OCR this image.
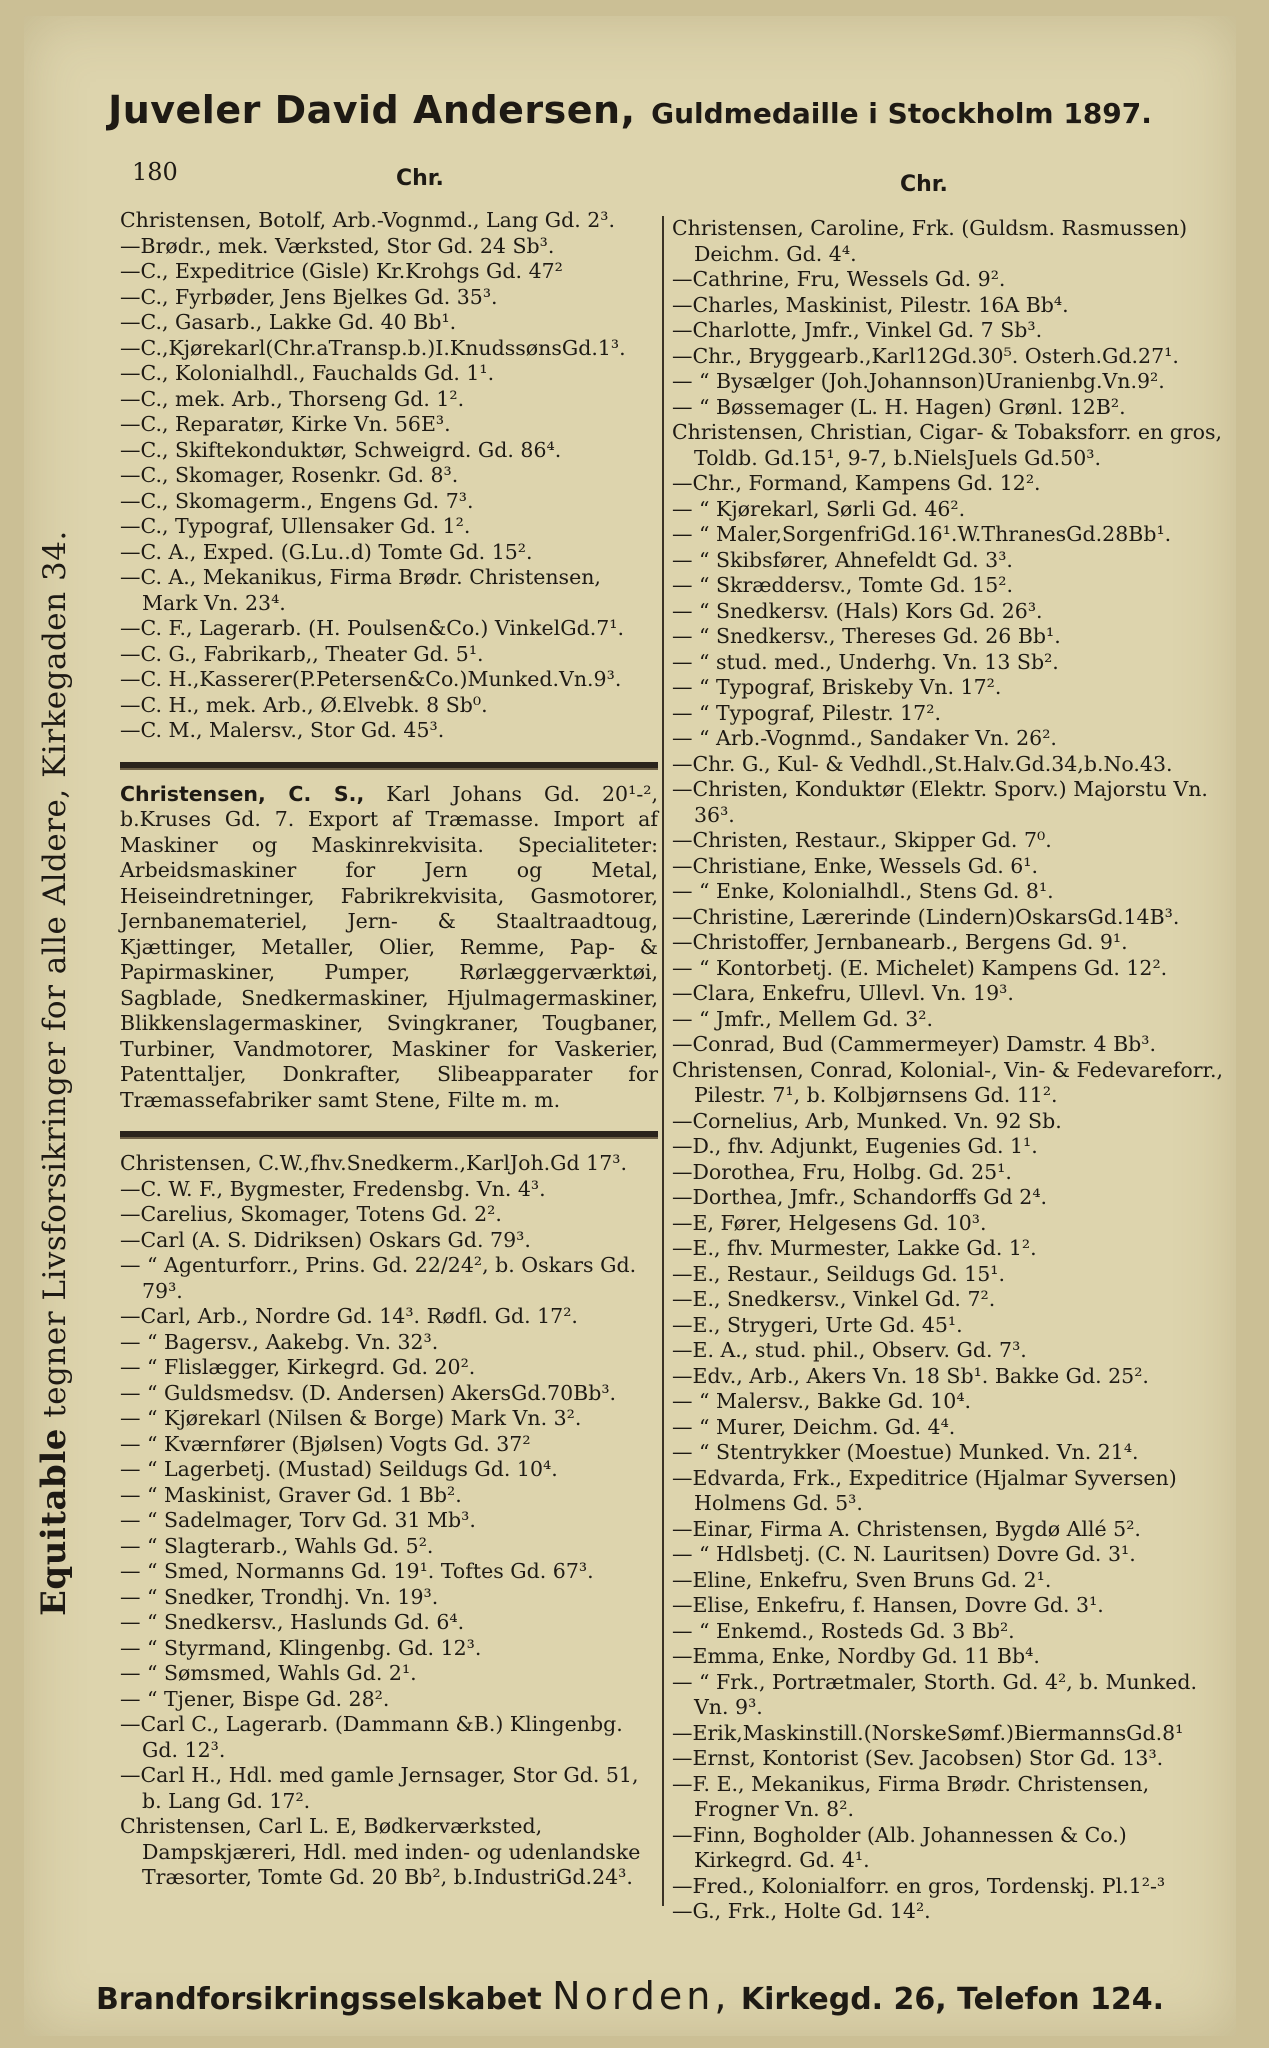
Juveler David Andersen, Guldmedaille i Stockholm 1897.
180	Chr.	Chr.
Equitable tegner Livsforsikringer for alle Aldere, Kirkegaden 34.

Christensen, Botolf, Arb.-Vognmd., Lang Gd. 2³.

—Brødr., mek. Værksted, Stor Gd. 24 Sb³.

—C., Expeditrice (Gisle) Kr.Krohgs Gd. 47²

—C., Fyrbøder, Jens Bjelkes Gd. 35³.

—C., Gasarb., Lakke Gd. 40 Bb¹.

—C.,Kjørekarl(Chr.aTransp.b.)I.KnudssønsGd.1³.

—C., Kolonialhdl., Fauchalds Gd. 1¹.

—C., mek. Arb., Thorseng Gd. 1².

—C., Reparatør, Kirke Vn. 56E³.

—C., Skiftekonduktør, Schweigrd. Gd. 86⁴.

—C., Skomager, Rosenkr. Gd. 8³.

—C., Skomagerm., Engens Gd. 7³.

—C., Typograf, Ullensaker Gd. 1².

—C. A., Exped. (G.Lu..d) Tomte Gd. 15².

—C. A., Mekanikus, Firma Brødr. Christensen, Mark Vn. 23⁴.

—C. F., Lagerarb. (H. Poulsen&Co.) VinkelGd.7¹.

—C. G., Fabrikarb,, Theater Gd. 5¹.

—C. H.,Kasserer(P.Petersen&Co.)Munked.Vn.9³.

—C. H., mek. Arb., Ø.Elvebk. 8 Sb⁰.

—C. M., Malersv., Stor Gd. 45³.

Christensen, C. S., Karl Johans Gd. 20¹-², b.Kruses Gd. 7. Export af Træmasse. Import af Maskiner og Maskinrekvisita. Specialiteter: Arbeidsmaskiner for Jern og Metal, Heiseindretninger, Fabrikrekvisita, Gasmotorer, Jernbanemateriel, Jern- & Staaltraadtoug, Kjættinger, Metaller, Olier, Remme, Pap- & Papirmaskiner, Pumper, Rørlæggerværktøi, Sagblade, Snedkermaskiner, Hjulmagermaskiner, Blikkenslagermaskiner, Svingkraner, Tougbaner, Turbiner, Vandmotorer, Maskiner for Vaskerier, Patenttaljer, Donkrafter, Slibeapparater for Træmassefabriker samt Stene, Filte m. m.

Christensen, C.W.,fhv.Snedkerm.,KarlJoh.Gd 17³.

—C. W. F., Bygmester, Fredensbg. Vn. 4³.

—Carelius, Skomager, Totens Gd. 2².

—Carl (A. S. Didriksen) Oskars Gd. 79³.

— “ Agenturforr., Prins. Gd. 22/24², b. Oskars Gd. 79³.

—Carl, Arb., Nordre Gd. 14³. Rødfl. Gd. 17².

— “ Bagersv., Aakebg. Vn. 32³.

— “ Flislægger, Kirkegrd. Gd. 20².

— “ Guldsmedsv. (D. Andersen) AkersGd.70Bb³.

— “ Kjørekarl (Nilsen & Borge) Mark Vn. 3².

— “ Kværnfører (Bjølsen) Vogts Gd. 37²

— “ Lagerbetj. (Mustad) Seildugs Gd. 10⁴.

— “ Maskinist, Graver Gd. 1 Bb².

— “ Sadelmager, Torv Gd. 31 Mb³.

— “ Slagterarb., Wahls Gd. 5².

— “ Smed, Normanns Gd. 19¹. Toftes Gd. 67³.

— “ Snedker, Trondhj. Vn. 19³.

— “ Snedkersv., Haslunds Gd. 6⁴.

— “ Styrmand, Klingenbg. Gd. 12³.

— “ Sømsmed, Wahls Gd. 2¹.

— “ Tjener, Bispe Gd. 28².

—Carl C., Lagerarb. (Dammann &B.) Klingenbg. Gd. 12³.

—Carl H., Hdl. med gamle Jernsager, Stor Gd. 51, b. Lang Gd. 17².

Christensen, Carl L. E, Bødkerværksted, Dampskjæreri, Hdl. med inden- og udenlandske Træsorter, Tomte Gd. 20 Bb², b.IndustriGd.24³.

Christensen, Caroline, Frk. (Guldsm. Rasmussen) Deichm. Gd. 4⁴.

—Cathrine, Fru, Wessels Gd. 9².

—Charles, Maskinist, Pilestr. 16A Bb⁴.

—Charlotte, Jmfr., Vinkel Gd. 7 Sb³.

—Chr., Bryggearb.,Karl12Gd.30⁵. Osterh.Gd.27¹.

— “ Bysælger (Joh.Johannson)Uranienbg.Vn.9².

— “ Bøssemager (L. H. Hagen) Grønl. 12B².

Christensen, Christian, Cigar- & Tobaksforr. en gros, Toldb. Gd.15¹, 9-7, b.NielsJuels Gd.50³.

—Chr., Formand, Kampens Gd. 12².

— “ Kjørekarl, Sørli Gd. 46².

— “ Maler,SorgenfriGd.16¹.W.ThranesGd.28Bb¹.

— “ Skibsfører, Ahnefeldt Gd. 3³.

— “ Skræddersv., Tomte Gd. 15².

— “ Snedkersv. (Hals) Kors Gd. 26³.

— “ Snedkersv., Thereses Gd. 26 Bb¹.

— “ stud. med., Underhg. Vn. 13 Sb².

— “ Typograf, Briskeby Vn. 17².

— “ Typograf, Pilestr. 17².

— “ Arb.-Vognmd., Sandaker Vn. 26².

—Chr. G., Kul- & Vedhdl.,St.Halv.Gd.34,b.No.43.

—Christen, Konduktør (Elektr. Sporv.) Majorstu Vn. 36³.

—Christen, Restaur., Skipper Gd. 7⁰.

—Christiane, Enke, Wessels Gd. 6¹.

— “ Enke, Kolonialhdl., Stens Gd. 8¹.

—Christine, Lærerinde (Lindern)OskarsGd.14B³.

—Christoffer, Jernbanearb., Bergens Gd. 9¹.

— “ Kontorbetj. (E. Michelet) Kampens Gd. 12².

—Clara, Enkefru, Ullevl. Vn. 19³.

— “ Jmfr., Mellem Gd. 3².

—Conrad, Bud (Cammermeyer) Damstr. 4 Bb³.

Christensen, Conrad, Kolonial-, Vin- & Fedevareforr., Pilestr. 7¹, b. Kolbjørnsens Gd. 11².

—Cornelius, Arb, Munked. Vn. 92 Sb.

—D., fhv. Adjunkt, Eugenies Gd. 1¹.

—Dorothea, Fru, Holbg. Gd. 25¹.

—Dorthea, Jmfr., Schandorffs Gd 2⁴.

—E, Fører, Helgesens Gd. 10³.

—E., fhv. Murmester, Lakke Gd. 1².

—E., Restaur., Seildugs Gd. 15¹.

—E., Snedkersv., Vinkel Gd. 7².

—E., Strygeri, Urte Gd. 45¹.

—E. A., stud. phil., Observ. Gd. 7³.

—Edv., Arb., Akers Vn. 18 Sb¹. Bakke Gd. 25².

— “ Malersv., Bakke Gd. 10⁴.

— “ Murer, Deichm. Gd. 4⁴.

— “ Stentrykker (Moestue) Munked. Vn. 21⁴.

—Edvarda, Frk., Expeditrice (Hjalmar Syversen) Holmens Gd. 5³.

—Einar, Firma A. Christensen, Bygdø Allé 5².

— “ Hdlsbetj. (C. N. Lauritsen) Dovre Gd. 3¹.

—Eline, Enkefru, Sven Bruns Gd. 2¹.

—Elise, Enkefru, f. Hansen, Dovre Gd. 3¹.

— “ Enkemd., Rosteds Gd. 3 Bb².

—Emma, Enke, Nordby Gd. 11 Bb⁴.

— “ Frk., Portrætmaler, Storth. Gd. 4², b. Munked. Vn. 9³.

—Erik,Maskinstill.(NorskeSømf.)BiermannsGd.8¹

—Ernst, Kontorist (Sev. Jacobsen) Stor Gd. 13³.

—F. E., Mekanikus, Firma Brødr. Christensen, Frogner Vn. 8².

—Finn, Bogholder (Alb. Johannessen & Co.) Kirkegrd. Gd. 4¹.

—Fred., Kolonialforr. en gros, Tordenskj. Pl.1²-³

—G., Frk., Holte Gd. 14².

Brandforsikringsselskabet Norden, Kirkegd. 26, Telefon 124.
